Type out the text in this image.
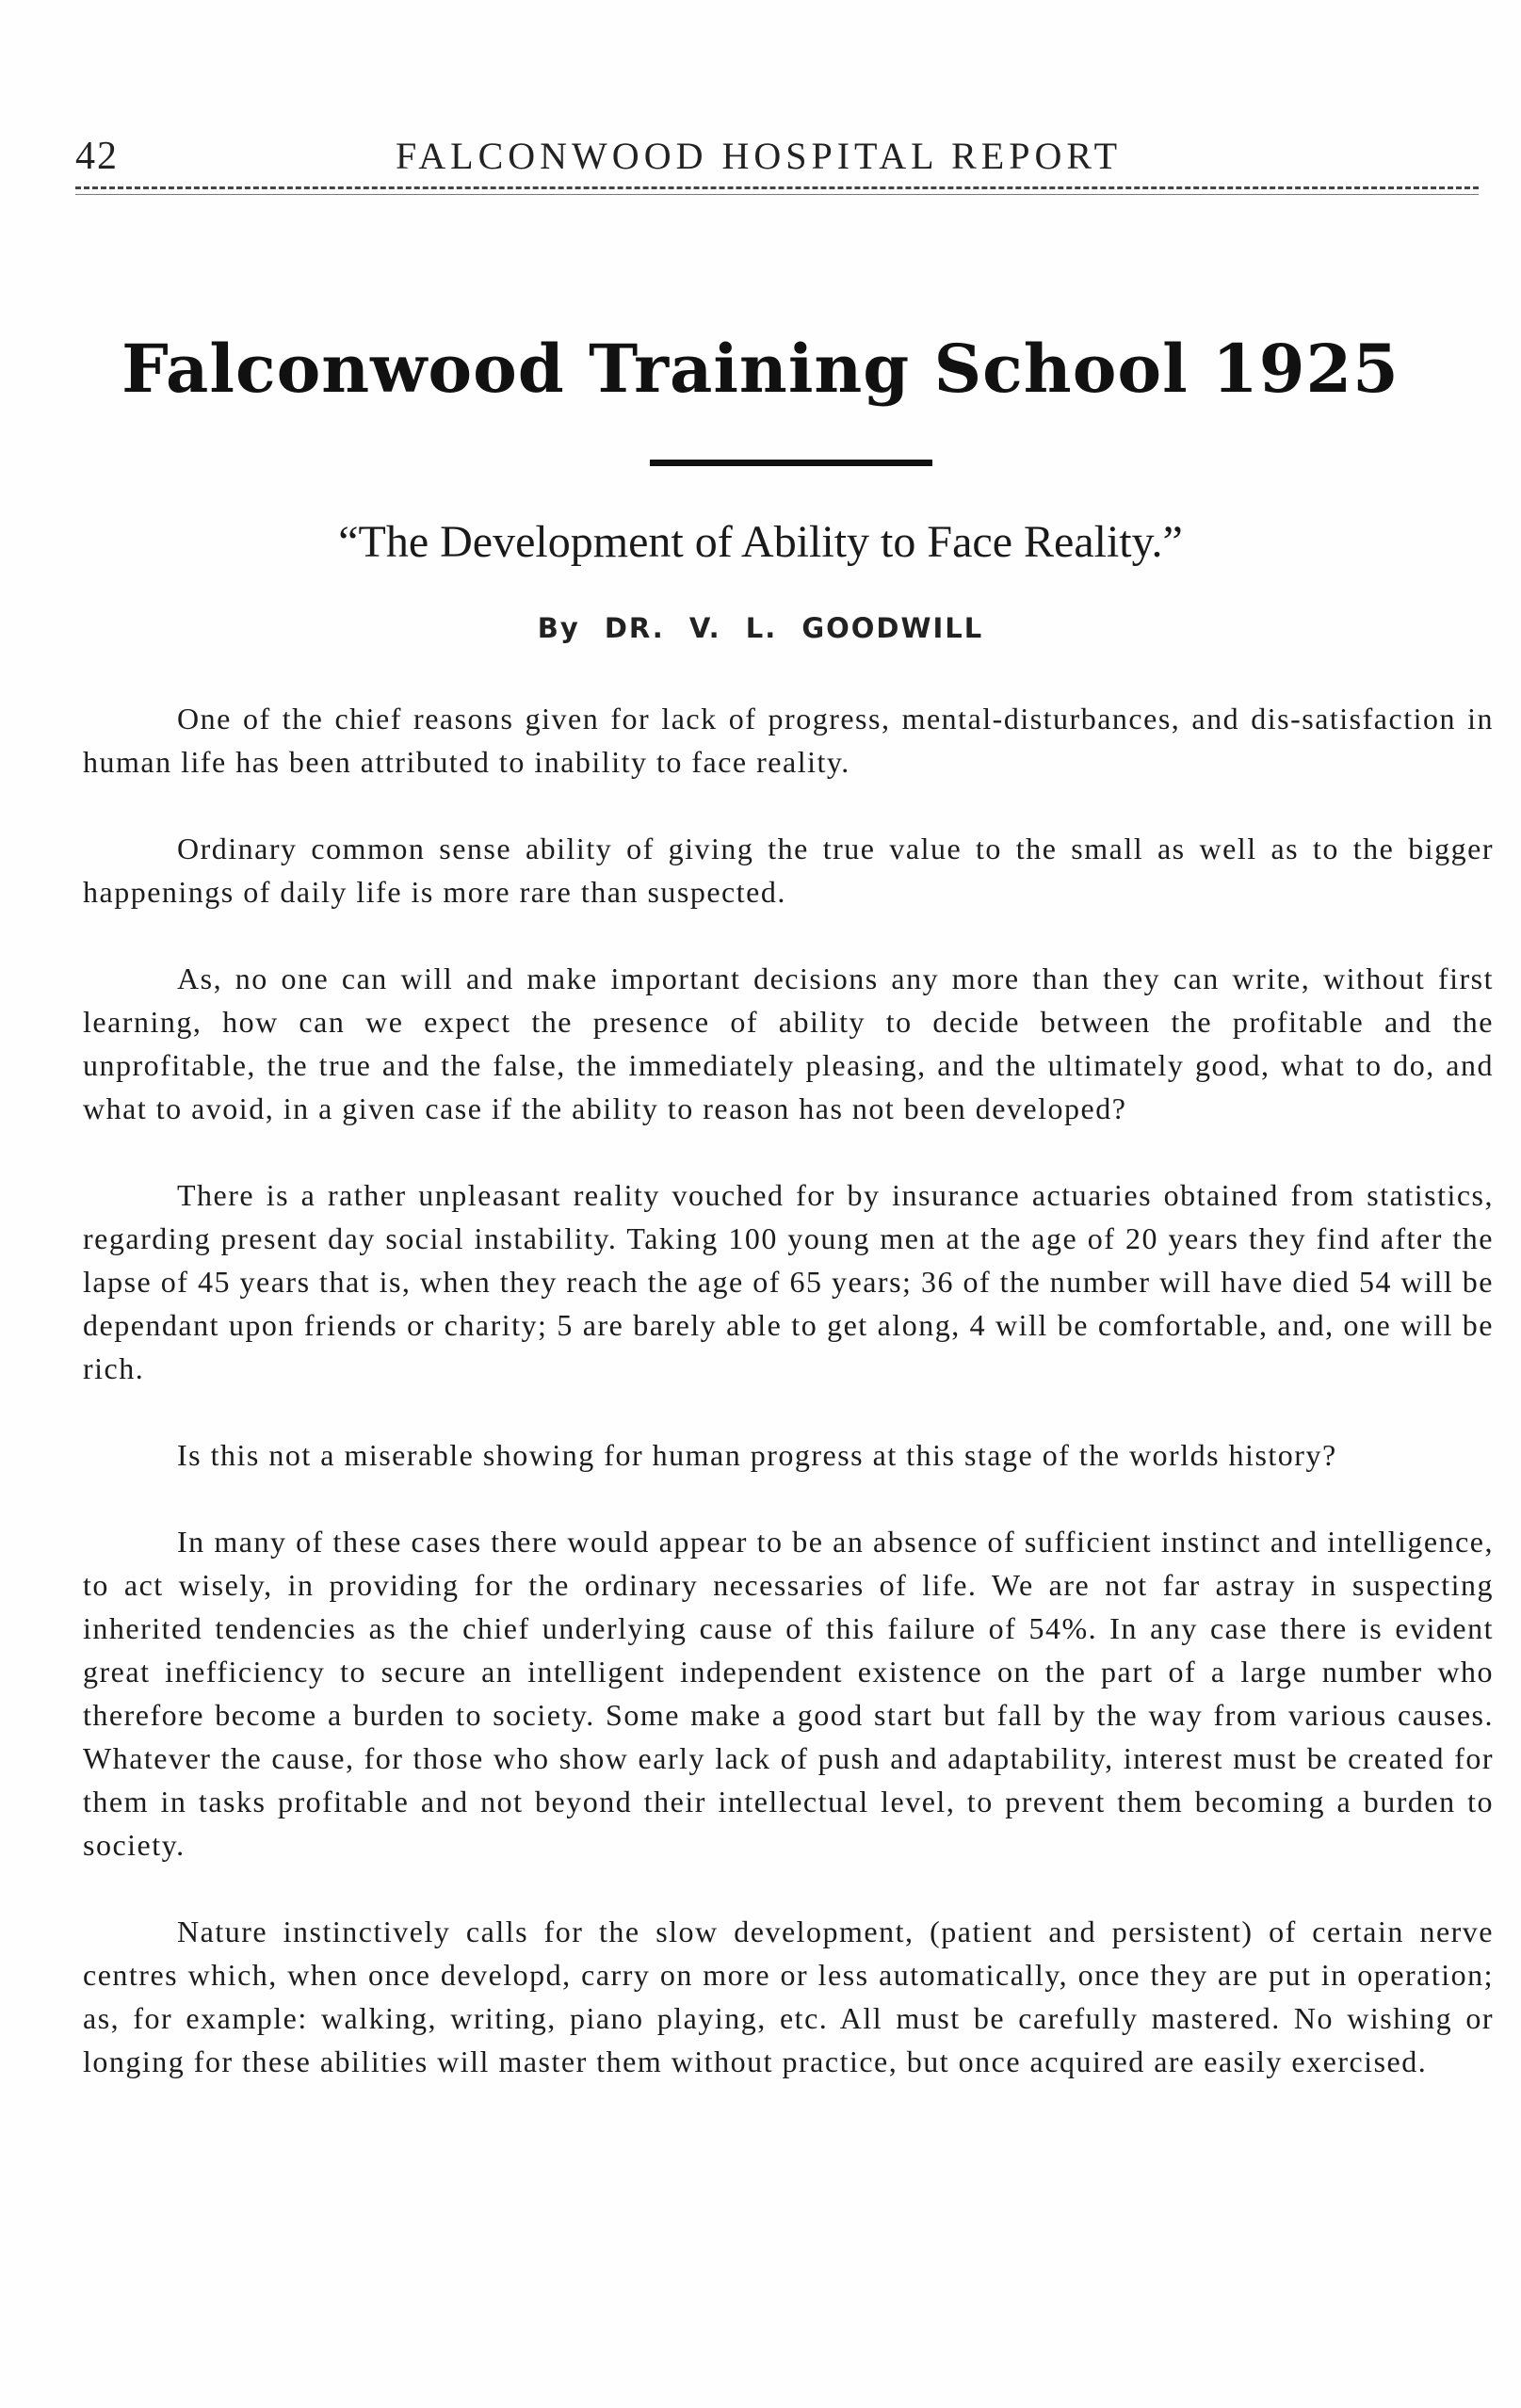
42	FALCONWOOD HOSPITAL REPORT
Falconwood Training School 1925
“The Development of Ability to Face Reality.”
By DR. V. L. GOODWILL

One of the chief reasons given for lack of progress, mental-disturbances, and dis-satisfaction in human life has been attributed to inability to face reality.

Ordinary common sense ability of giving the true value to the small as well as to the bigger happenings of daily life is more rare than suspected.

As, no one can will and make important decisions any more than they can write, without first learning, how can we expect the presence of ability to decide between the profitable and the unprofitable, the true and the false, the immediately pleasing, and the ultimately good, what to do, and what to avoid, in a given case if the ability to reason has not been developed?

There is a rather unpleasant reality vouched for by insurance actuaries obtained from statistics, regarding present day social instability. Taking 100 young men at the age of 20 years they find after the lapse of 45 years that is, when they reach the age of 65 years; 36 of the number will have died 54 will be dependant upon friends or charity; 5 are barely able to get along, 4 will be comfortable, and, one will be rich.

Is this not a miserable showing for human progress at this stage of the worlds history?

In many of these cases there would appear to be an absence of sufficient instinct and intelligence, to act wisely, in providing for the ordinary necessaries of life. We are not far astray in suspecting inherited tendencies as the chief underlying cause of this failure of 54%. In any case there is evident great inefficiency to secure an intelligent independent existence on the part of a large number who therefore become a burden to society. Some make a good start but fall by the way from various causes. Whatever the cause, for those who show early lack of push and adaptability, interest must be created for them in tasks profitable and not beyond their intellectual level, to prevent them becoming a burden to society.

Nature instinctively calls for the slow development, (patient and persistent) of certain nerve centres which, when once developd, carry on more or less automatically, once they are put in operation; as, for example: walking, writing, piano playing, etc. All must be carefully mastered. No wishing or longing for these abilities will master them without practice, but once acquired are easily exercised.
